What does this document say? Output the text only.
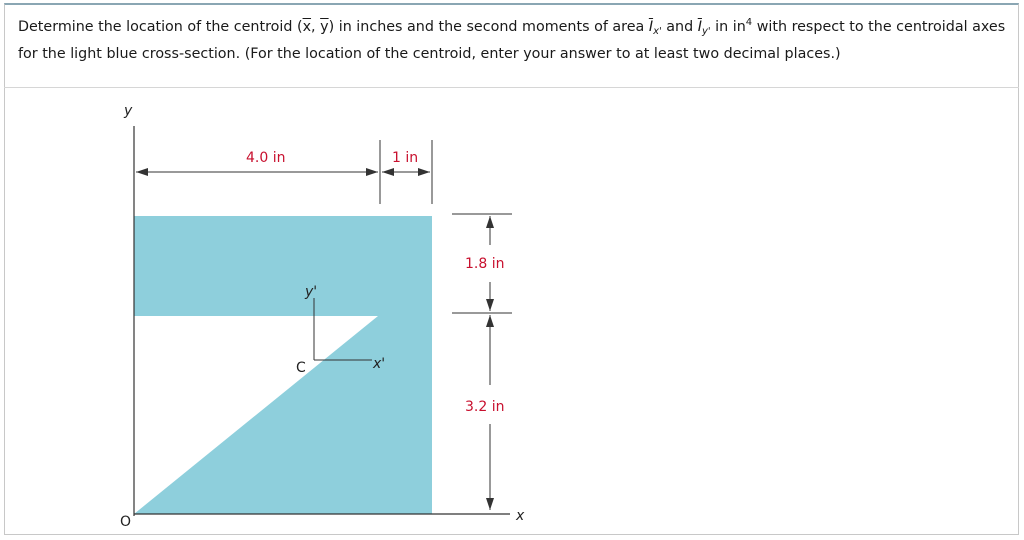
Determine the location of the centroid ($\overline{x}$, $\overline{y}$) in inches and the second moments of area $\overline{I}_{x'}$ and $\overline{I}_{y'}$ in $in^4$ with respect to the centroidal axes for the light blue cross-section. (For the location of the centroid, enter your answer to at least two decimal places.)
y
x
O
4.0 in	1 in
1.8 in
3.2 in
y'
x'
C
